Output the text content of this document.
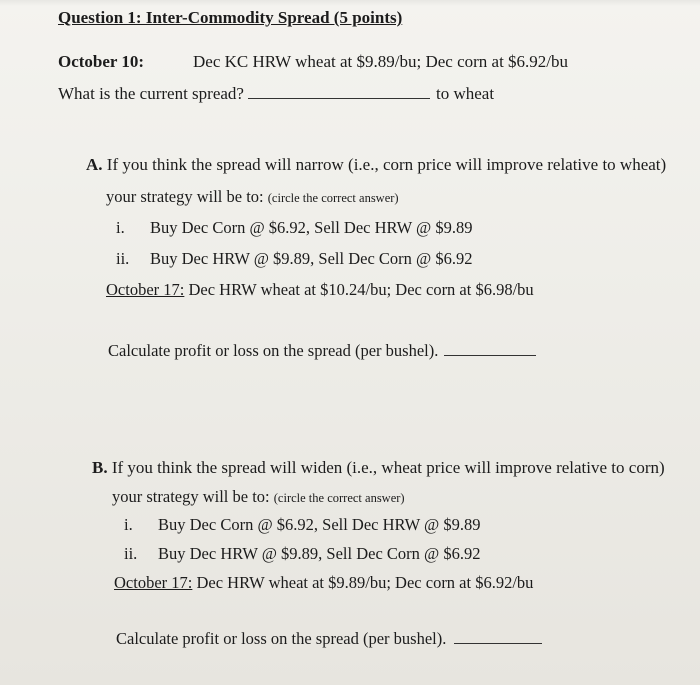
Question 1: Inter-Commodity Spread (5 points)
October 10:	Dec KC HRW wheat at $9.89/bu; Dec corn at $6.92/bu
What is the current spread?	to wheat
A. If you think the spread will narrow (i.e., corn price will improve relative to wheat)
your strategy will be to: (circle the correct answer)
i. Buy Dec Corn @ $6.92, Sell Dec HRW @ $9.89
ii. Buy Dec HRW @ $9.89, Sell Dec Corn @ $6.92
October 17: Dec HRW wheat at $10.24/bu; Dec corn at $6.98/bu
Calculate profit or loss on the spread (per bushel).
B. If you think the spread will widen (i.e., wheat price will improve relative to corn)
your strategy will be to: (circle the correct answer)
i. Buy Dec Corn @ $6.92, Sell Dec HRW @ $9.89
ii. Buy Dec HRW @ $9.89, Sell Dec Corn @ $6.92
October 17: Dec HRW wheat at $9.89/bu; Dec corn at $6.92/bu
Calculate profit or loss on the spread (per bushel).
